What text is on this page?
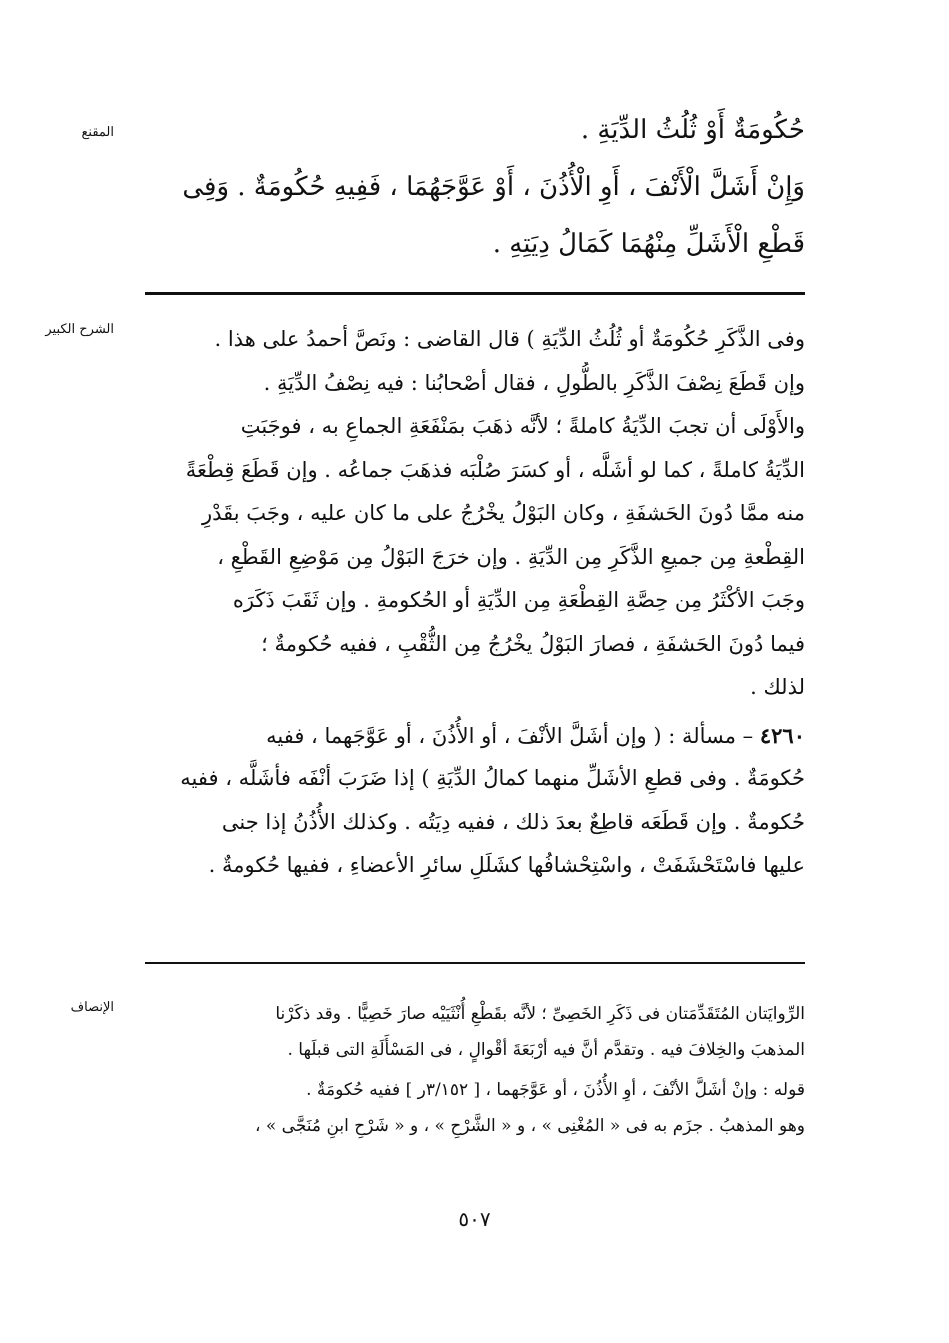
المقنع
الشرح الكبير
الإنصاف
حُكُومَةٌ أَوْ ثُلُثُ الدِّيَةِ .
وَإِنْ أَشَلَّ الْأَنْفَ ، أَوِ الْأُذُنَ ، أَوْ عَوَّجَهُمَا ، فَفِيهِ حُكُومَةٌ . وَفِى
قَطْعِ الْأَشَلِّ مِنْهُمَا كَمَالُ دِيَتِهِ .
وفى الذَّكَرِ حُكُومَةٌ أو ثُلُثُ الدِّيَةِ ) قال القاضى : ونَصَّ أحمدُ على هذا .
وإن قَطَعَ نِصْفَ الذَّكَرِ بالطُّولِ ، فقال أصْحابُنا : فيه نِصْفُ الدِّيَةِ .
والأَوْلَى أن تجبَ الدِّيَةُ كاملةً ؛ لأنَّه ذهَبَ بمَنْفَعَةِ الجماعِ به ، فوجَبَتِ
الدِّيَةُ كاملةً ، كما لو أشَلَّه ، أو كسَرَ صُلْبَه فذهَبَ جماعُه . وإن قَطَعَ قِطْعَةً
منه ممَّا دُونَ الحَشفَةِ ، وكان البَوْلُ يخْرُجُ على ما كان عليه ، وجَبَ بقَدْرِ
القِطْعةِ مِن جميعِ الذَّكَرِ مِن الدِّيَةِ . وإن خرَجَ البَوْلُ مِن مَوْضِعِ القَطْعِ ،
وجَبَ الأكْثَرُ مِن حِصَّةِ القِطْعَةِ مِن الدِّيَةِ أو الحُكومةِ . وإن ثَقَبَ ذَكَرَه
فيما دُونَ الحَشفَةِ ، فصارَ البَوْلُ يخْرُجُ مِن الثُّقْبِ ، ففيه حُكومةٌ ؛
لذلك .
٤٢٦٠ – مسألة : ( وإن أشَلَّ الأنْفَ ، أو الأُذُنَ ، أو عَوَّجَهما ، ففيه
حُكومَةٌ . وفى قطعِ الأشَلِّ منهما كمالُ الدِّيَةِ ) إذا ضَرَبَ أنْفَه فأشَلَّه ، ففيه
حُكومةٌ . وإن قَطَعَه قاطِعٌ بعدَ ذلك ، ففيه دِيَتُه . وكذلك الأُذُنُ إذا جنى
عليها فاسْتَحْشَفَتْ ، واسْتِحْشافُها كشَلَلِ سائرِ الأعضاءِ ، ففيها حُكومةٌ .
الرِّوايَتان المُتَقَدِّمَتان فى ذَكَرِ الخَصِىِّ ؛ لأنَّه بقَطْعِ أُنْثَيَيْه صارَ خَصِيًّا . وقد ذكَرْنا
المذهبَ والخِلافَ فيه . وتقدَّم أنَّ فيه أرْبَعَةَ أقْوالٍ ، فى المَسْأَلَةِ التى قبلَها .
قوله : وإنْ أشَلَّ الأنْفَ ، أوِ الأُذُنَ ، أو عَوَّجَهما ، [ ٣/١٥٢ر ] ففيه حُكومَةٌ .
وهو المذهبُ . جزَم به فى « المُغْنِى » ، و « الشَّرْحِ » ، و « شَرْحِ ابنِ مُنَجَّى » ،
٥٠٧
